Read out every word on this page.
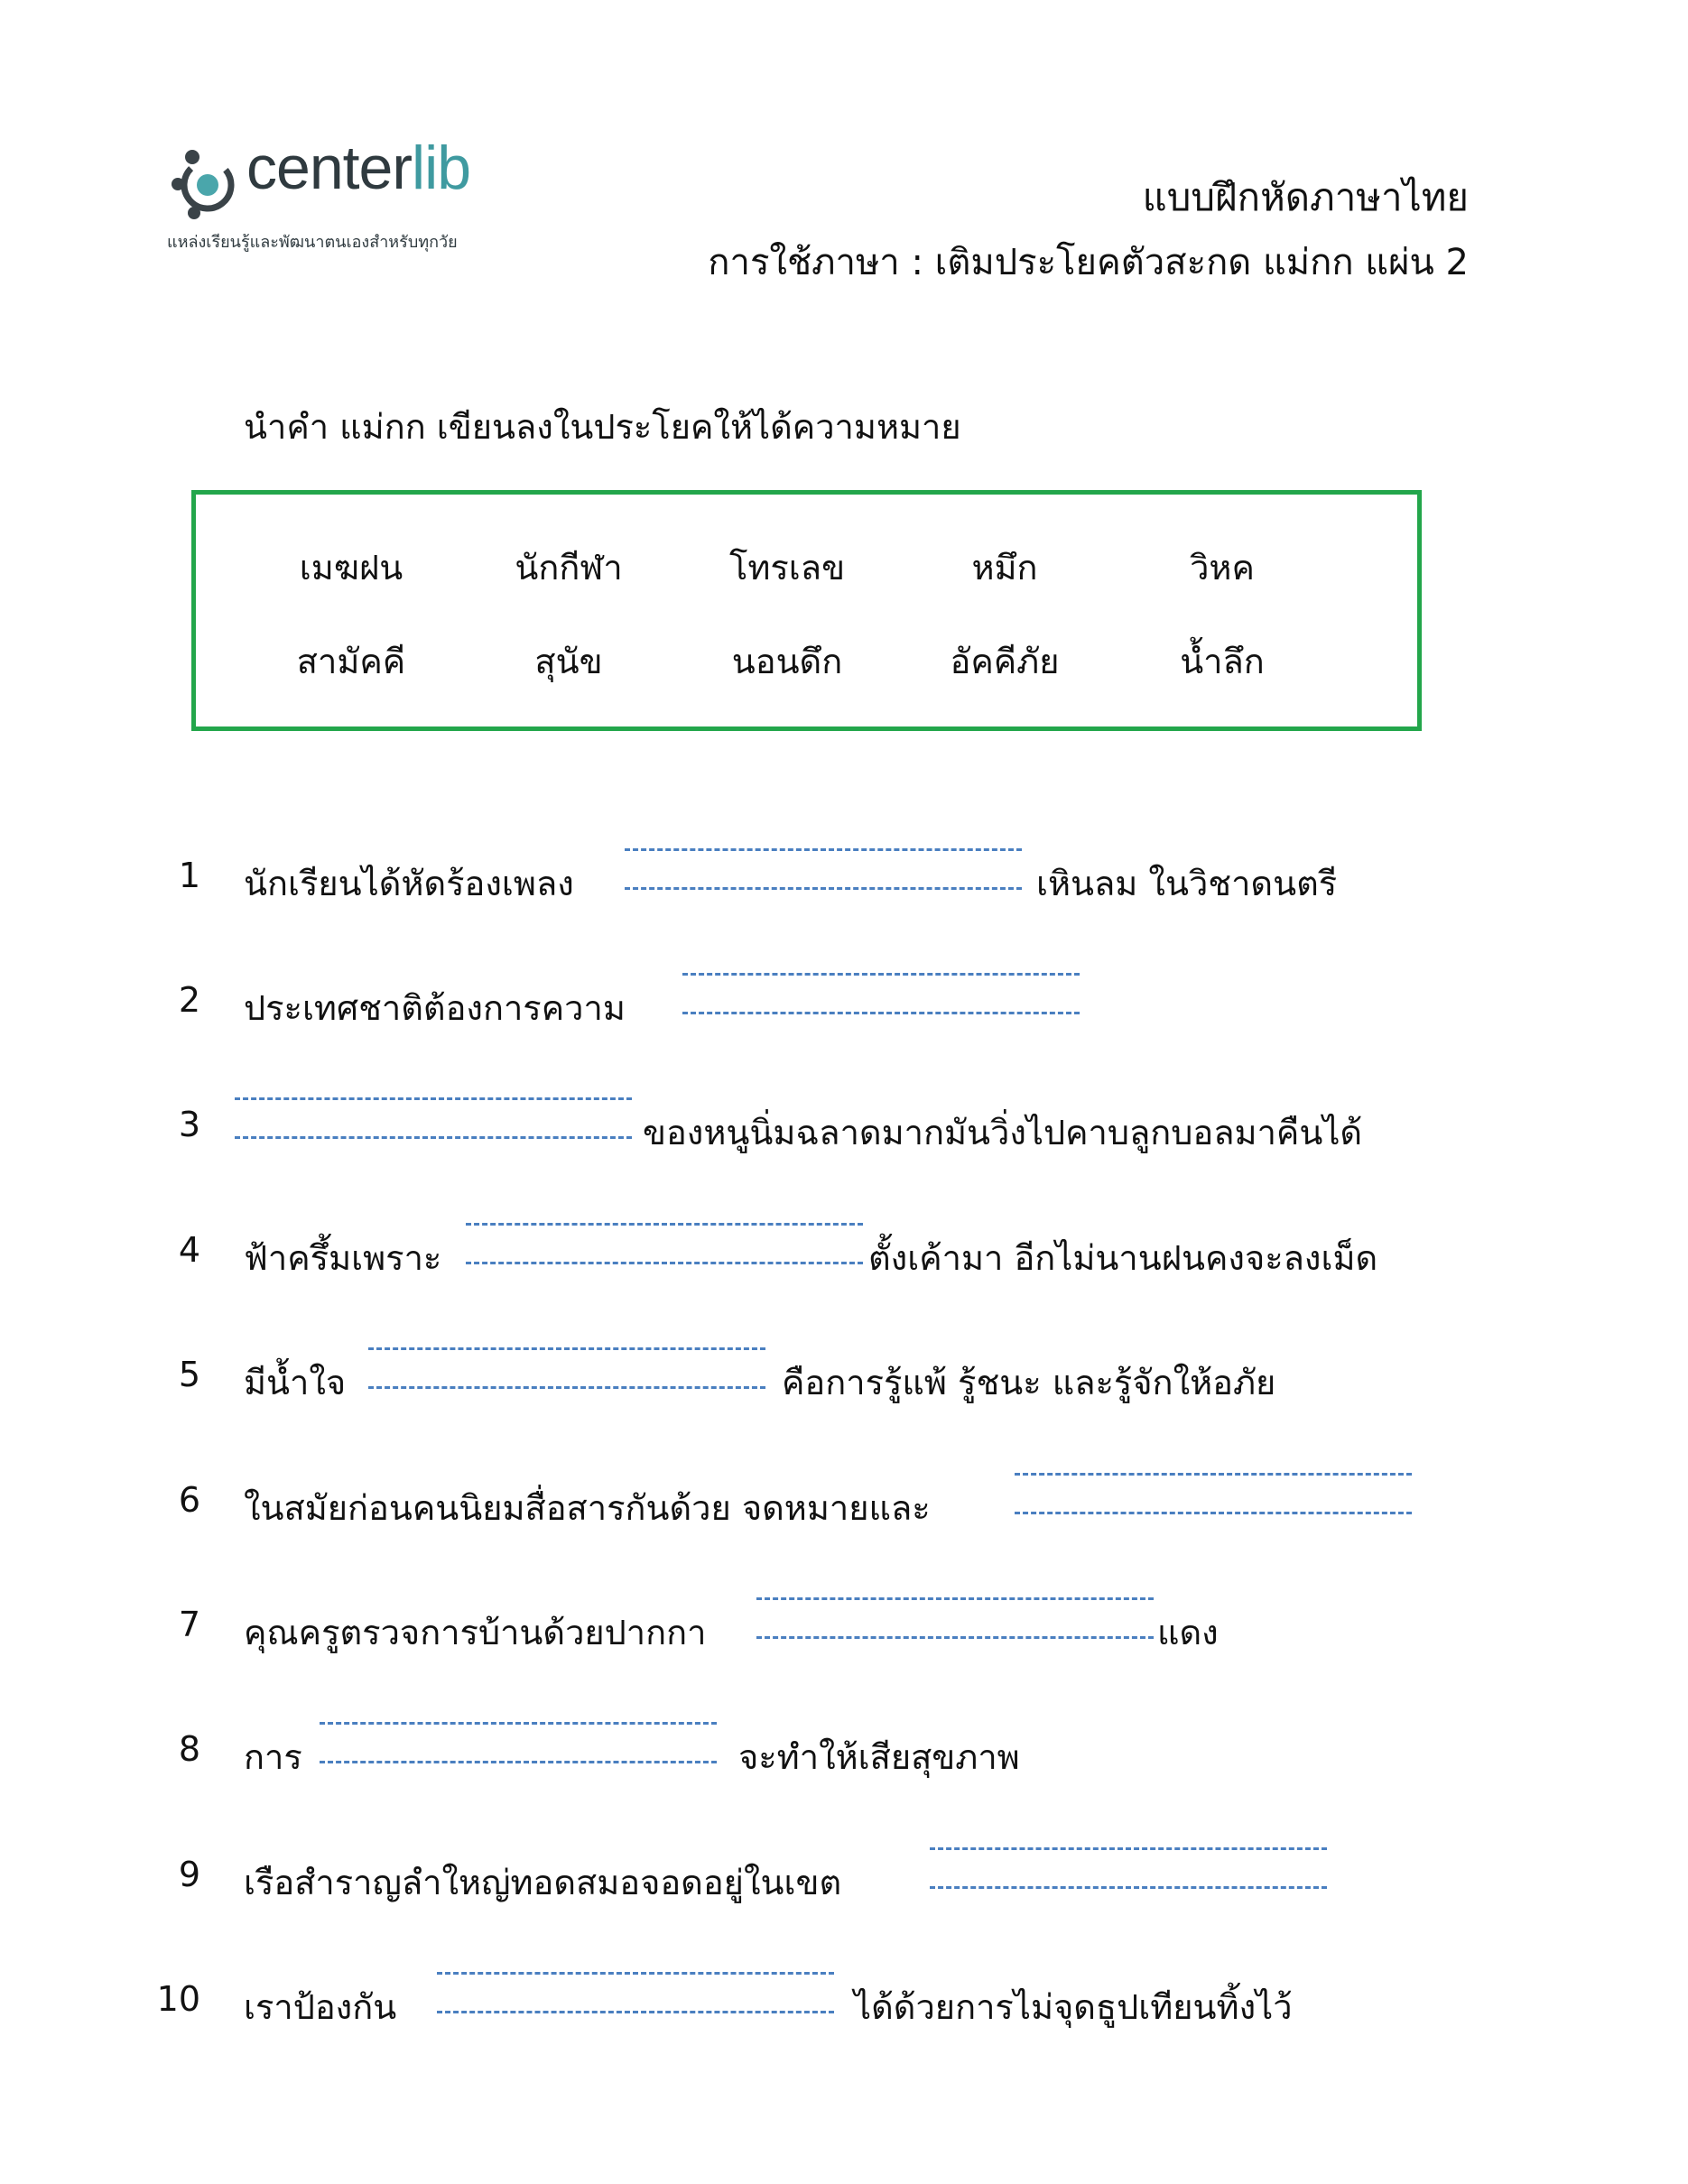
centerlib
แหล่งเรียนรู้และพัฒนาตนเองสำหรับทุกวัย
แบบฝึกหัดภาษาไทย
การใช้ภาษา : เติมประโยคตัวสะกด แม่กก แผ่น 2
นำคำ แม่กก เขียนลงในประโยคให้ได้ความหมาย
เมฆฝน	นักกีฬา	โทรเลข	หมึก	วิหค
สามัคคี	สุนัข	นอนดึก	อัคคีภัย	น้ำลึก
1 นักเรียนได้หัดร้องเพลง	เหินลม ในวิชาดนตรี
2 ประเทศชาติต้องการความ
3	ของหนูนิ่มฉลาดมากมันวิ่งไปคาบลูกบอลมาคืนได้
4 ฟ้าครึ้มเพราะ	ตั้งเค้ามา อีกไม่นานฝนคงจะลงเม็ด
5 มีน้ำใจ	คือการรู้แพ้ รู้ชนะ และรู้จักให้อภัย
6 ในสมัยก่อนคนนิยมสื่อสารกันด้วย จดหมายและ
7 คุณครูตรวจการบ้านด้วยปากกา	แดง
8 การ	จะทำให้เสียสุขภาพ
9 เรือสำราญลำใหญ่ทอดสมอจอดอยู่ในเขต
10 เราป้องกัน	ได้ด้วยการไม่จุดธูปเทียนทิ้งไว้
